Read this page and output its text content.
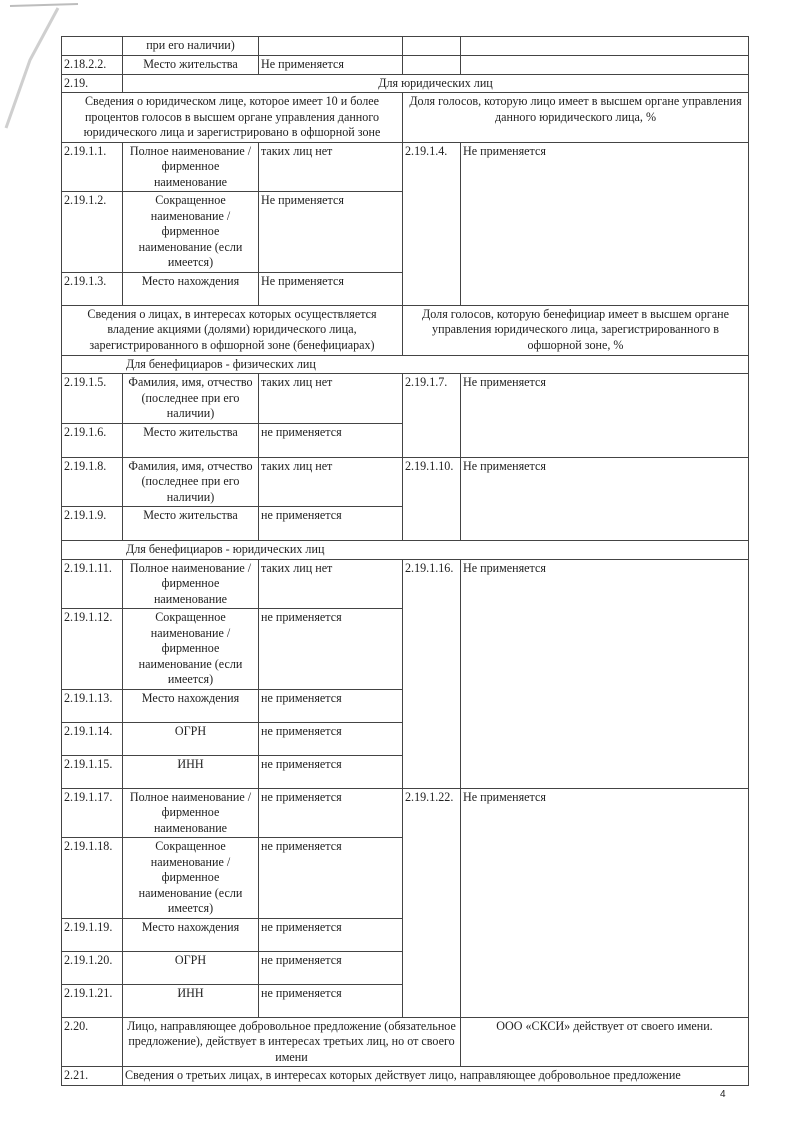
	при его наличии)			
2.18.2.2.	Место жительства	Не применяется		
2.19.	Для юридических лиц			
Сведения о юридическом лице, которое имеет 10 и более процентов голосов в высшем органе управления данного юридического лица и зарегистрировано в офшорной зоне			Доля голосов, которую лицо имеет в высшем органе управления данного юридического лица, %	
2.19.1.1.	Полное наименование / фирменное наименование	таких лиц нет	2.19.1.4.	Не применяется
2.19.1.2.	Сокращенное наименование / фирменное наименование (если имеется)	Не применяется		
2.19.1.3.	Место нахождения	Не применяется		
Сведения о лицах, в интересах которых осуществляется владение акциями (долями) юридического лица, зарегистрированного в офшорной зоне (бенефициарах)			Доля голосов, которую бенефициар имеет в высшем органе управления юридического лица, зарегистрированного в офшорной зоне, %	
Для бенефициаров - физических лиц				
2.19.1.5.	Фамилия, имя, отчество (последнее при его наличии)	таких лиц нет	2.19.1.7.	Не применяется
2.19.1.6.	Место жительства	не применяется		
2.19.1.8.	Фамилия, имя, отчество (последнее при его наличии)	таких лиц нет	2.19.1.10.	Не применяется
2.19.1.9.	Место жительства	не применяется		
Для бенефициаров - юридических лиц				
2.19.1.11.	Полное наименование / фирменное наименование	таких лиц нет	2.19.1.16.	Не применяется
2.19.1.12.	Сокращенное наименование / фирменное наименование (если имеется)	не применяется		
2.19.1.13.	Место нахождения	не применяется		
2.19.1.14.	ОГРН	не применяется		
2.19.1.15.	ИНН	не применяется		
2.19.1.17.	Полное наименование / фирменное наименование	не применяется	2.19.1.22.	Не применяется
2.19.1.18.	Сокращенное наименование / фирменное наименование (если имеется)	не применяется		
2.19.1.19.	Место нахождения	не применяется		
2.19.1.20.	ОГРН	не применяется		
2.19.1.21.	ИНН	не применяется		
2.20.	Лицо, направляющее добровольное предложение (обязательное предложение), действует в интересах третьих лиц, но от своего имени			ООО «СКСИ» действует от своего имени.
2.21.	Сведения о третьих лицах, в интересах которых действует лицо, направляющее добровольное предложение			
4
